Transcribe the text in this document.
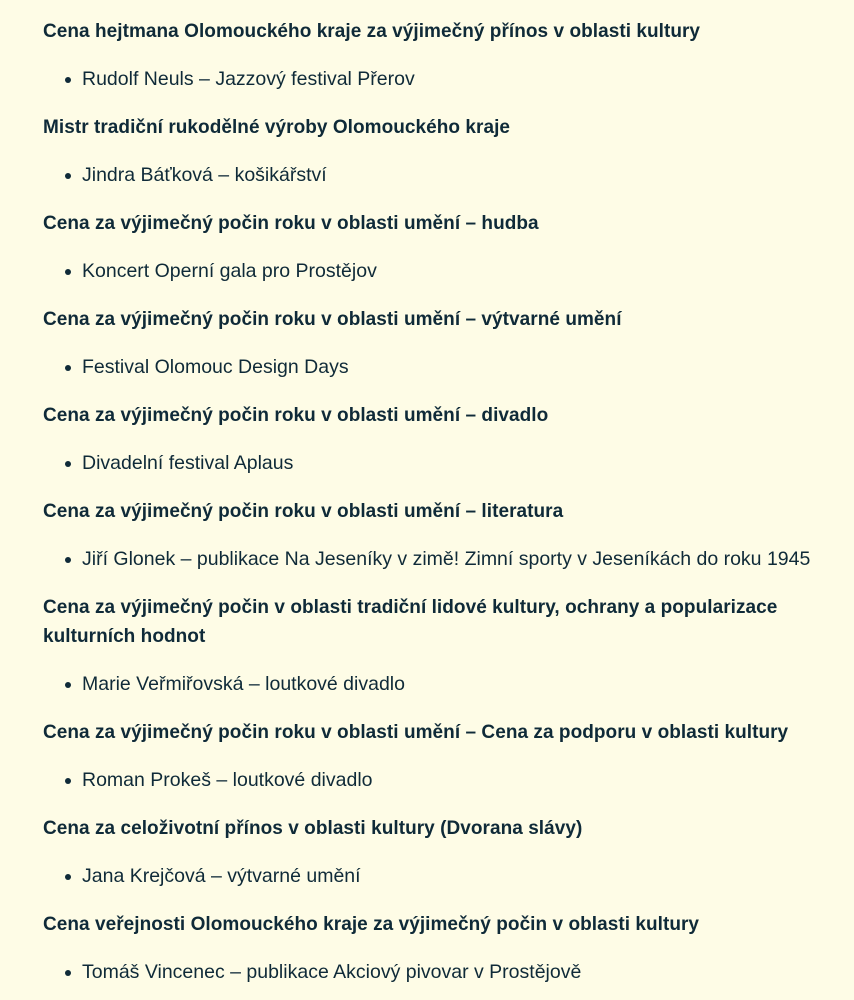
Cena hejtmana Olomouckého kraje za výjimečný přínos v oblasti kultury
Rudolf Neuls – Jazzový festival Přerov
Mistr tradiční rukodělné výroby Olomouckého kraje
Jindra Báťková – košikářství
Cena za výjimečný počin roku v oblasti umění – hudba
Koncert Operní gala pro Prostějov
Cena za výjimečný počin roku v oblasti umění – výtvarné umění
Festival Olomouc Design Days
Cena za výjimečný počin roku v oblasti umění – divadlo
Divadelní festival Aplaus
Cena za výjimečný počin roku v oblasti umění – literatura
Jiří Glonek – publikace Na Jeseníky v zimě! Zimní sporty v Jeseníkách do roku 1945
Cena za výjimečný počin v oblasti tradiční lidové kultury, ochrany a popularizace kulturních hodnot
Marie Veřmiřovská – loutkové divadlo
Cena za výjimečný počin roku v oblasti umění – Cena za podporu v oblasti kultury
Roman Prokeš – loutkové divadlo
Cena za celoživotní přínos v oblasti kultury (Dvorana slávy)
Jana Krejčová – výtvarné umění
Cena veřejnosti Olomouckého kraje za výjimečný počin v oblasti kultury
Tomáš Vincenec – publikace Akciový pivovar v Prostějově
